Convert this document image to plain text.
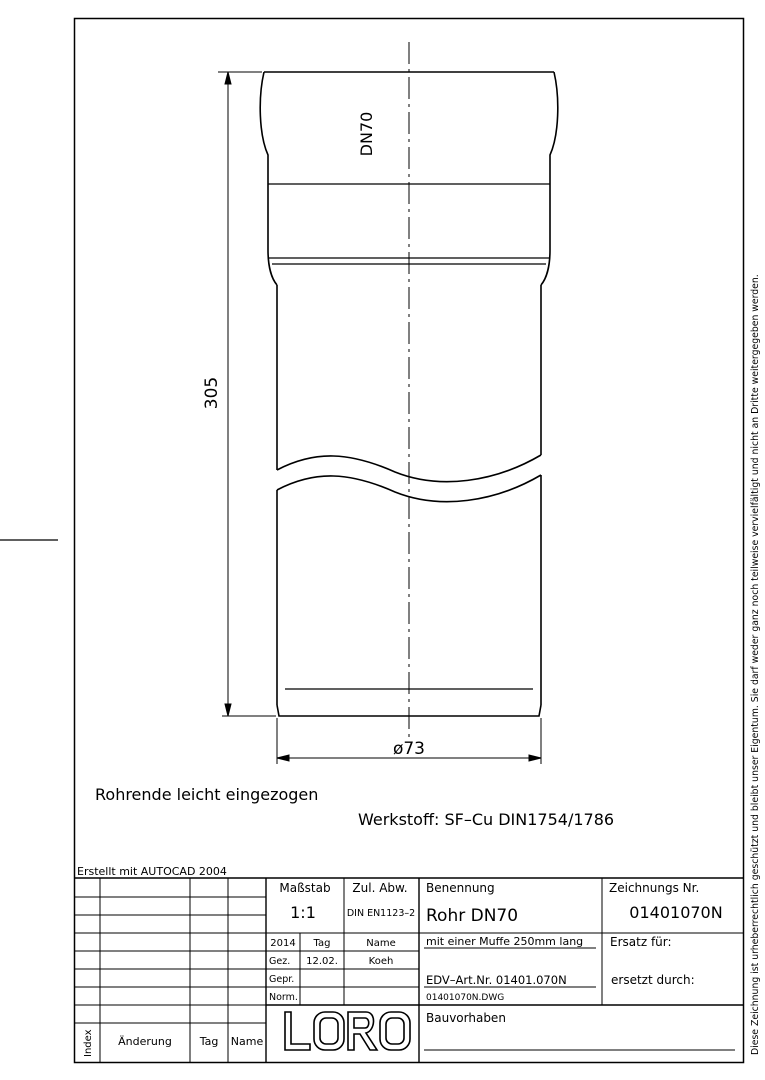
305
ø73
DN70
Rohrende leicht eingezogen
Werkstoff: SF–Cu DIN1754/1786	Diese Zeichnung ist urheberrechtlich geschützt und bleibt unser Eigentum. Sie darf weder ganz noch teilweise vervielfältigt und nicht an Dritte weitergegeben werden.
Erstellt mit AUTOCAD 2004
Index Änderung	Tag Name
Maßstab
1:1
Zul. Abw.
DIN EN1123–2
2014 Tag	Name
Gez. 12.02.	Koeh
Gepr.
Norm.
Benennung
Rohr DN70
mit einer Muffe 250mm lang
EDV–Art.Nr. 01401.070N
01401070N.DWG
Zeichnungs Nr.
01401070N
Ersatz für:
ersetzt durch:
Bauvorhaben
